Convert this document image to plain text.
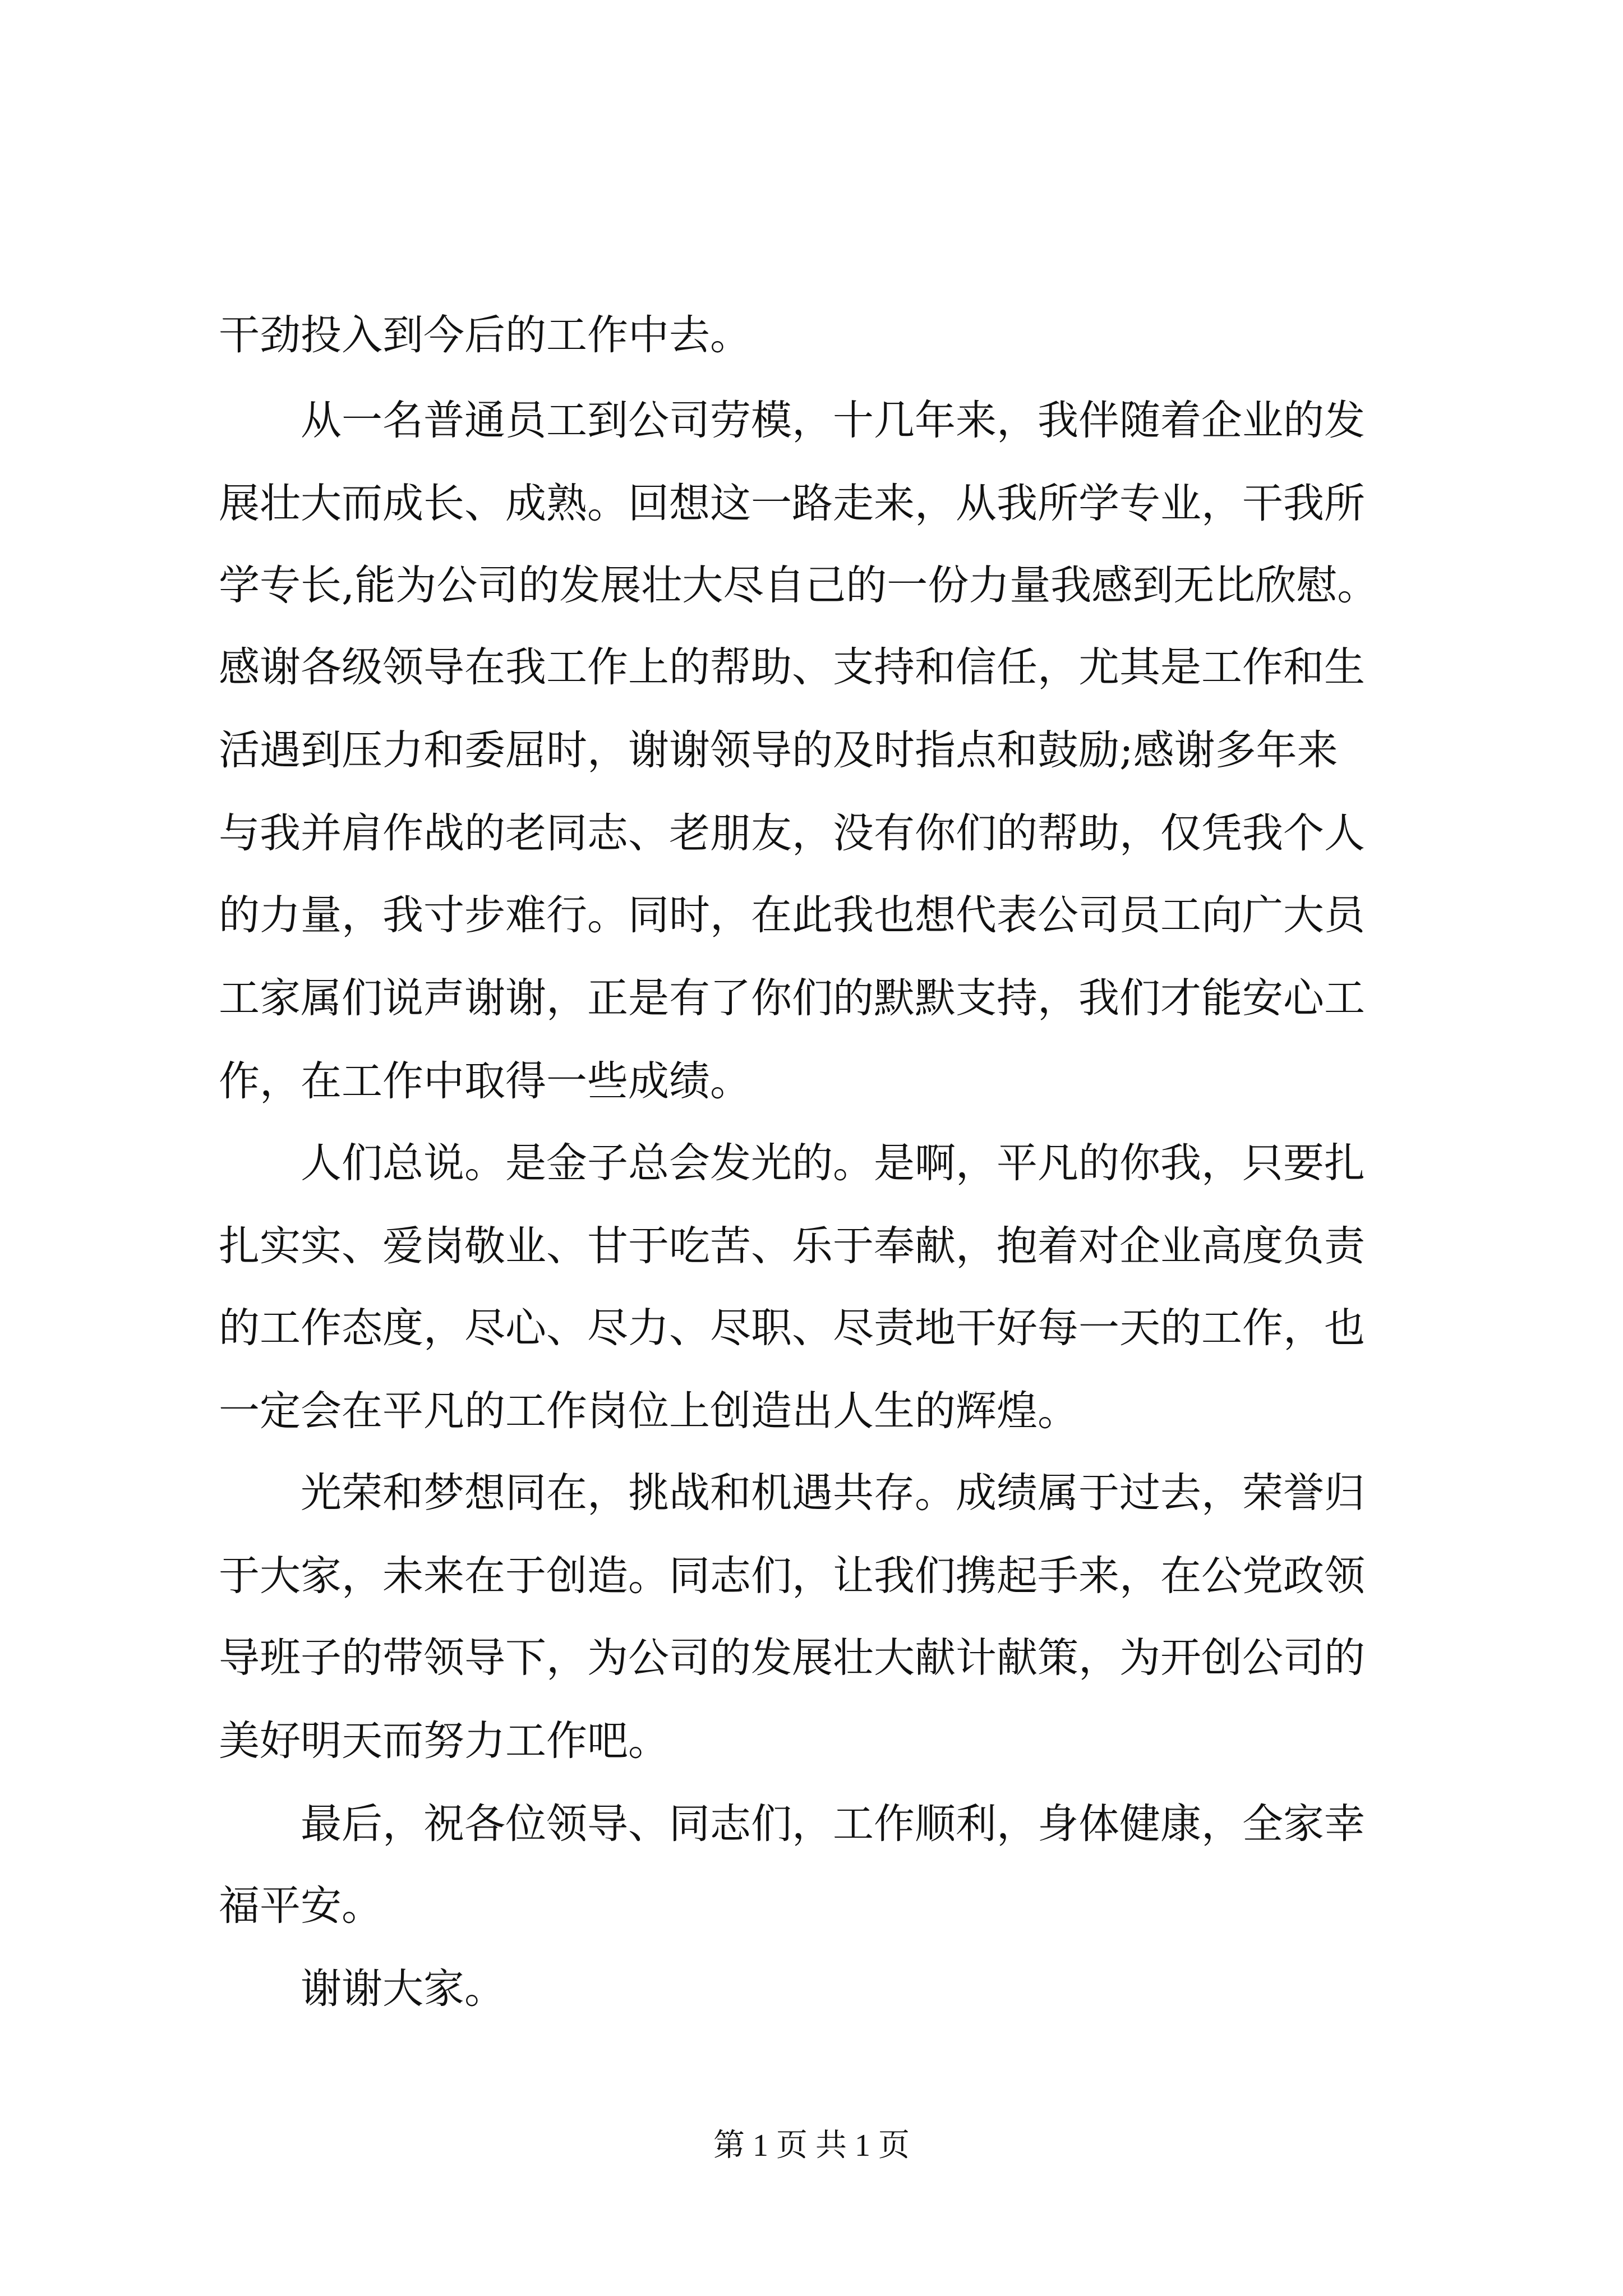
干劲投入到今后的工作中去。
　　从一名普通员工到公司劳模，十几年来，我伴随着企业的发
展壮大而成长、成熟。回想这一路走来，从我所学专业，干我所
学专长,能为公司的发展壮大尽自己的一份力量我感到无比欣慰。
感谢各级领导在我工作上的帮助、支持和信任，尤其是工作和生
活遇到压力和委屈时，谢谢领导的及时指点和鼓励;感谢多年来
与我并肩作战的老同志、老朋友，没有你们的帮助，仅凭我个人
的力量，我寸步难行。同时，在此我也想代表公司员工向广大员
工家属们说声谢谢，正是有了你们的默默支持，我们才能安心工
作，在工作中取得一些成绩。
　　人们总说。是金子总会发光的。是啊，平凡的你我，只要扎
扎实实、爱岗敬业、甘于吃苦、乐于奉献，抱着对企业高度负责
的工作态度，尽心、尽力、尽职、尽责地干好每一天的工作，也
一定会在平凡的工作岗位上创造出人生的辉煌。
　　光荣和梦想同在，挑战和机遇共存。成绩属于过去，荣誉归
于大家，未来在于创造。同志们，让我们携起手来，在公党政领
导班子的带领导下，为公司的发展壮大献计献策，为开创公司的
美好明天而努力工作吧。
　　最后，祝各位领导、同志们，工作顺利，身体健康，全家幸
福平安。
　　谢谢大家。
第 1 页 共 1 页
